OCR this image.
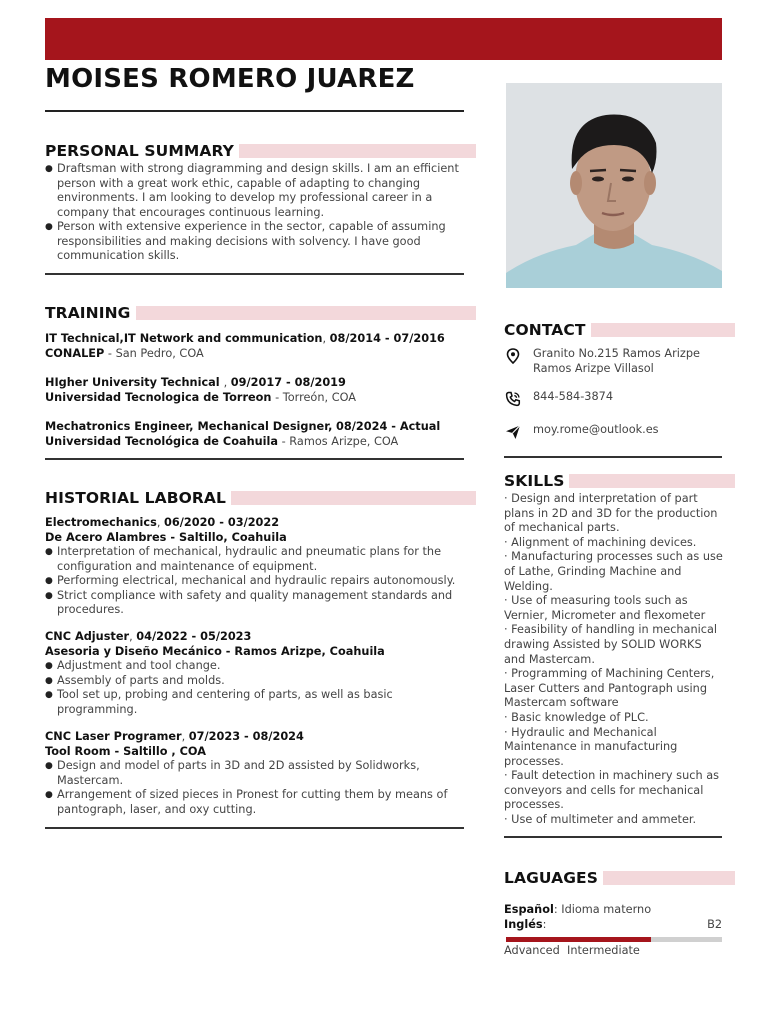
MOISES ROMERO JUAREZ
PERSONAL SUMMARY
● Draftsman with strong diagramming and design skills. I am an efficient person with a great work ethic, capable of adapting to changing environments. I am looking to develop my professional career in a company that encourages continuous learning.
● Person with extensive experience in the sector, capable of assuming responsibilities and making decisions with solvency. I have good communication skills.
TRAINING
IT Technical,IT Network and communication, 08/2014 - 07/2016
CONALEP - San Pedro, COA
HIgher University Technical , 09/2017 - 08/2019
Universidad Tecnologica de Torreon - Torreón, COA
Mechatronics Engineer, Mechanical Designer, 08/2024 - Actual
Universidad Tecnológica de Coahuila - Ramos Arizpe, COA
HISTORIAL LABORAL
Electromechanics, 06/2020 - 03/2022
De Acero Alambres - Saltillo, Coahuila
● Interpretation of mechanical, hydraulic and pneumatic plans for the configuration and maintenance of equipment.
● Performing electrical, mechanical and hydraulic repairs autonomously.
● Strict compliance with safety and quality management standards and procedures.
CNC Adjuster, 04/2022 - 05/2023
Asesoria y Diseño Mecánico - Ramos Arizpe, Coahuila
● Adjustment and tool change.
● Assembly of parts and molds.
● Tool set up, probing and centering of parts, as well as basic programming.
CNC Laser Programer, 07/2023 - 08/2024
Tool Room - Saltillo , COA
● Design and model of parts in 3D and 2D assisted by Solidworks, Mastercam.
● Arrangement of sized pieces in Pronest for cutting them by means of pantograph, laser, and oxy cutting.
CONTACT
Granito No.215 Ramos Arizpe
Ramos Arizpe Villasol
844-584-3874
moy.rome@outlook.es
SKILLS
· Design and interpretation of part plans in 2D and 3D for the production of mechanical parts.
· Alignment of machining devices.
· Manufacturing processes such as use of Lathe, Grinding Machine and Welding.
· Use of measuring tools such as Vernier, Micrometer and flexometer
· Feasibility of handling in mechanical drawing Assisted by SOLID WORKS and Mastercam.
· Programming of Machining Centers, Laser Cutters and Pantograph using Mastercam software
· Basic knowledge of PLC.
· Hydraulic and Mechanical Maintenance in manufacturing processes.
· Fault detection in machinery such as conveyors and cells for mechanical processes.
· Use of multimeter and ammeter.
LAGUAGES
Español: Idioma materno
Inglés:	B2
Advanced Intermediate
